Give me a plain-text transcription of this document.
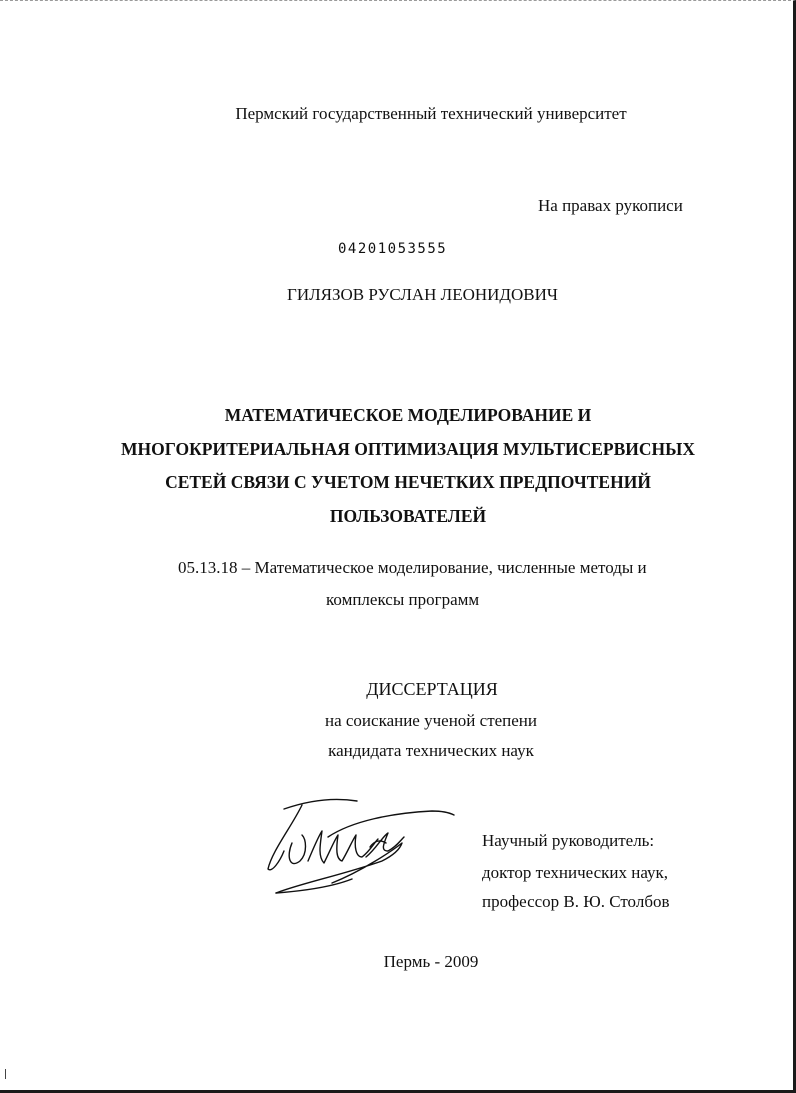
Пермский государственный технический университет
На правах рукописи
04201053555
ГИЛЯЗОВ РУСЛАН ЛЕОНИДОВИЧ
МАТЕМАТИЧЕСКОЕ МОДЕЛИРОВАНИЕ И
МНОГОКРИТЕРИАЛЬНАЯ ОПТИМИЗАЦИЯ МУЛЬТИСЕРВИСНЫХ
СЕТЕЙ СВЯЗИ С УЧЕТОМ НЕЧЕТКИХ ПРЕДПОЧТЕНИЙ
ПОЛЬЗОВАТЕЛЕЙ
05.13.18 – Математическое моделирование, численные методы и
комплексы программ
ДИССЕРТАЦИЯ
на соискание ученой степени
кандидата технических наук
Научный руководитель:
доктор технических наук,
профессор В. Ю. Столбов
Пермь - 2009
